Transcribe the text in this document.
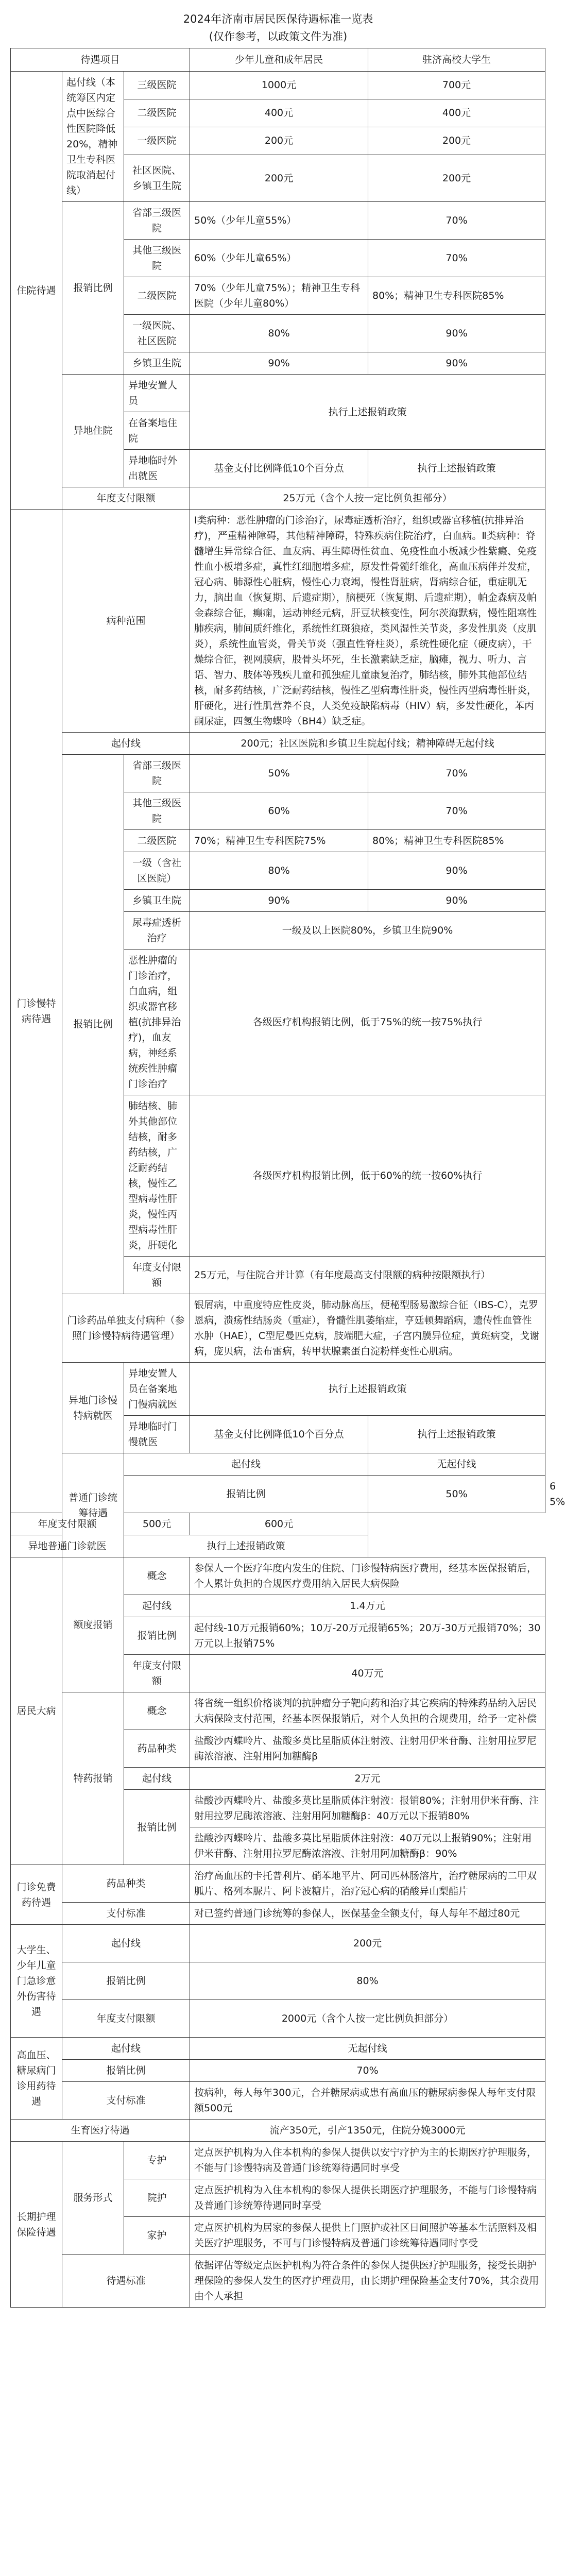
2024年济南市居民医保待遇标准一览表
(仅作参考，以政策文件为准)
待遇项目			少年儿童和成年居民	驻济高校大学生	
住院待遇	起付线（本统筹区内定点中医综合性医院降低20%，精神卫生专科医院取消起付线）	三级医院	1000元	700元	
		二级医院	400元	400元	
		一级医院	200元	200元	
		社区医院、乡镇卫生院	200元	200元	
	报销比例	省部三级医院	50%（少年儿童55%）	70%	
		其他三级医院	60%（少年儿童65%）	70%	
		二级医院	70%（少年儿童75%）；精神卫生专科医院（少年儿童80%）	80%；精神卫生专科医院85%	
		一级医院、社区医院	80%	90%	
		乡镇卫生院	90%	90%	
	异地住院	异地安置人员	执行上述报销政策		
		在备案地住院			
		异地临时外出就医	基金支付比例降低10个百分点	执行上述报销政策	
	年度支付限额		25万元（含个人按一定比例负担部分）		
门诊慢特病待遇	病种范围		Ⅰ类病种：恶性肿瘤的门诊治疗，尿毒症透析治疗，组织或器官移植(抗排异治疗)，严重精神障碍，其他精神障碍，特殊疾病住院治疗，白血病。Ⅱ类病种：脊髓增生异常综合征、血友病、再生障碍性贫血、免疫性血小板减少性紫癜、免疫性血小板增多症，真性红细胞增多症，原发性骨髓纤维化，高血压病伴并发症，冠心病、肺源性心脏病，慢性心力衰竭，慢性肾脏病，肾病综合征，重症肌无力，脑出血（恢复期、后遗症期），脑梗死（恢复期、后遗症期），帕金森病及帕金森综合征，癫痫，运动神经元病，肝豆状核变性，阿尔茨海默病，慢性阻塞性肺疾病，肺间质纤维化，系统性红斑狼疮，类风湿性关节炎，多发性肌炎（皮肌炎），系统性血管炎，骨关节炎（强直性脊柱炎），系统性硬化症（硬皮病），干燥综合征，视网膜病，股骨头坏死，生长激素缺乏症，脑瘫，视力、听力、言语、智力、肢体等残疾儿童和孤独症儿童康复治疗，肺结核，肺外其他部位结核，耐多药结核，广泛耐药结核，慢性乙型病毒性肝炎，慢性丙型病毒性肝炎，肝硬化，进行性肌营养不良，人类免疫缺陷病毒（HIV）病，多发性硬化，苯丙酮尿症，四氢生物蝶呤（BH4）缺乏症。		
	起付线		200元；社区医院和乡镇卫生院起付线；精神障碍无起付线		
	报销比例	省部三级医院	50%	70%	
		其他三级医院	60%	70%	
		二级医院	70%；精神卫生专科医院75%	80%；精神卫生专科医院85%	
		一级（含社区医院）	80%	90%	
		乡镇卫生院	90%	90%	
		尿毒症透析治疗	一级及以上医院80%，乡镇卫生院90%		
		恶性肿瘤的门诊治疗，白血病，组织或器官移植(抗排异治疗)，血友病，神经系统疾性肿瘤门诊治疗	各级医疗机构报销比例，低于75%的统一按75%执行		
		肺结核、肺外其他部位结核，耐多药结核，广泛耐药结核，慢性乙型病毒性肝炎，慢性丙型病毒性肝炎，肝硬化	各级医疗机构报销比例，低于60%的统一按60%执行		
		年度支付限额	25万元，与住院合并计算（有年度最高支付限额的病种按限额执行）		
	门诊药品单独支付病种（参照门诊慢特病待遇管理）		银屑病，中重度特应性皮炎，肺动脉高压，便秘型肠易激综合征（IBS-C），克罗恩病，溃疡性结肠炎（重症），脊髓性肌萎缩症，亨廷顿舞蹈病，遗传性血管性水肿（HAE），C型尼曼匹克病，肢端肥大症，子宫内膜异位症，黄斑病变，戈谢病，庞贝病，法布雷病，转甲状腺素蛋白淀粉样变性心肌病。		
	异地门诊慢特病就医	异地安置人员在备案地门慢病就医	执行上述报销政策		
		异地临时门慢就医	基金支付比例降低10个百分点	执行上述报销政策	
	普通门诊统筹待遇	起付线		无起付线	
		报销比例		50%	65%
年度支付限额		500元	600元		
异地普通门诊就医		执行上述报销政策			
居民大病	额度报销	概念	参保人一个医疗年度内发生的住院、门诊慢特病医疗费用，经基本医保报销后，个人累计负担的合规医疗费用纳入居民大病保险		
		起付线	1.4万元		
		报销比例	起付线-10万元报销60%；10万-20万元报销65%；20万-30万元报销70%；30万元以上报销75%		
		年度支付限额	40万元		
	特药报销	概念	将省统一组织价格谈判的抗肿瘤分子靶向药和治疗其它疾病的特殊药品纳入居民大病保险支付范围，经基本医保报销后，对个人负担的合规费用，给予一定补偿		
		药品种类	盐酸沙丙蝶呤片、盐酸多莫比星脂质体注射液、注射用伊米苷酶、注射用拉罗尼酶浓溶液、注射用阿加糖酶β		
		起付线	2万元		
		报销比例	盐酸沙丙蝶呤片、盐酸多莫比星脂质体注射液：报销80%；注射用伊米苷酶、注射用拉罗尼酶浓溶液、注射用阿加糖酶β：40万元以下报销80%		
			盐酸沙丙蝶呤片、盐酸多莫比星脂质体注射液：40万元以上报销90%；注射用伊米苷酶、注射用拉罗尼酶浓溶液、注射用阿加糖酶β：90%		
门诊免费药待遇	药品种类		治疗高血压的卡托普利片、硝苯地平片、阿司匹林肠溶片，治疗糖尿病的二甲双胍片、格列本脲片、阿卡波糖片，治疗冠心病的硝酸异山梨酯片		
	支付标准		对已签约普通门诊统筹的参保人，医保基金全额支付，每人每年不超过80元		
大学生、少年儿童门急诊意外伤害待遇	起付线		200元		
	报销比例		80%		
	年度支付限额		2000元（含个人按一定比例负担部分）		
高血压、糖尿病门诊用药待遇	起付线		无起付线		
	报销比例		70%		
	支付标准		按病种，每人每年300元，合并糖尿病或患有高血压的糖尿病参保人每年支付限额500元		
生育医疗待遇			流产350元，引产1350元，住院分娩3000元		
长期护理保险待遇	服务形式	专护	定点医护机构为入住本机构的参保人提供以安宁疗护为主的长期医疗护理服务，不能与门诊慢特病及普通门诊统筹待遇同时享受		
		院护	定点医护机构为入住本机构的参保人提供长期医疗护理服务，不能与门诊慢特病及普通门诊统筹待遇同时享受		
		家护	定点医护机构为居家的参保人提供上门照护或社区日间照护等基本生活照料及相关医疗护理服务，不可与门诊慢特病及普通门诊统筹待遇同时享受		
	待遇标准		依据评估等级定点医护机构为符合条件的参保人提供医疗护理服务，接受长期护理保险的参保人发生的医疗护理费用，由长期护理保险基金支付70%，其余费用由个人承担		
